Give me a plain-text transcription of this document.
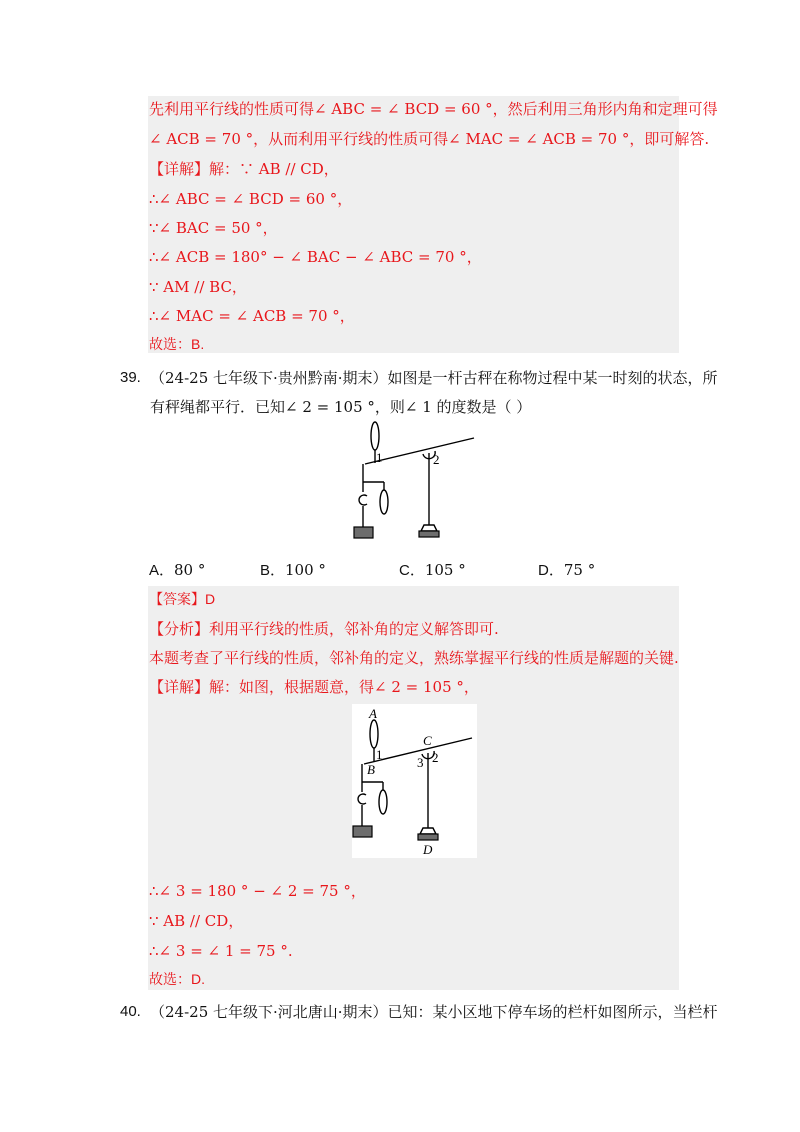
先利用平行线的性质可得∠ ABC = ∠ BCD = 60 °，然后利用三角形内角和定理可得
∠ ACB = 70 °，从而利用平行线的性质可得∠ MAC = ∠ ACB = 70 °，即可解答.
【详解】解：∵ AB // CD，
∴∠ ABC = ∠ BCD = 60 °，
∵∠ BAC = 50 °，
∴∠ ACB = 180° − ∠ BAC − ∠ ABC = 70 °，
∵ AM // BC，
∴∠ MAC = ∠ ACB = 70 °，
故选：B.
39. （24-25 七年级下·贵州黔南·期末）如图是一杆古秤在称物过程中某一时刻的状态，所
有秤绳都平行．已知∠ 2 = 105 °，则∠ 1 的度数是（ ）
1	2
A．80 °	B．100 °	C．105 °	D．75 °
【答案】D
【分析】利用平行线的性质，邻补角的定义解答即可.
本题考查了平行线的性质，邻补角的定义，熟练掌握平行线的性质是解题的关键.
【详解】解：如图，根据题意，得∠ 2 = 105 °，
A
B
C
D
1	2
3
∴∠ 3 = 180 ° − ∠ 2 = 75 °，
∵ AB // CD，
∴∠ 3 = ∠ 1 = 75 °.
故选：D.
40. （24-25 七年级下·河北唐山·期末）已知：某小区地下停车场的栏杆如图所示，当栏杆
